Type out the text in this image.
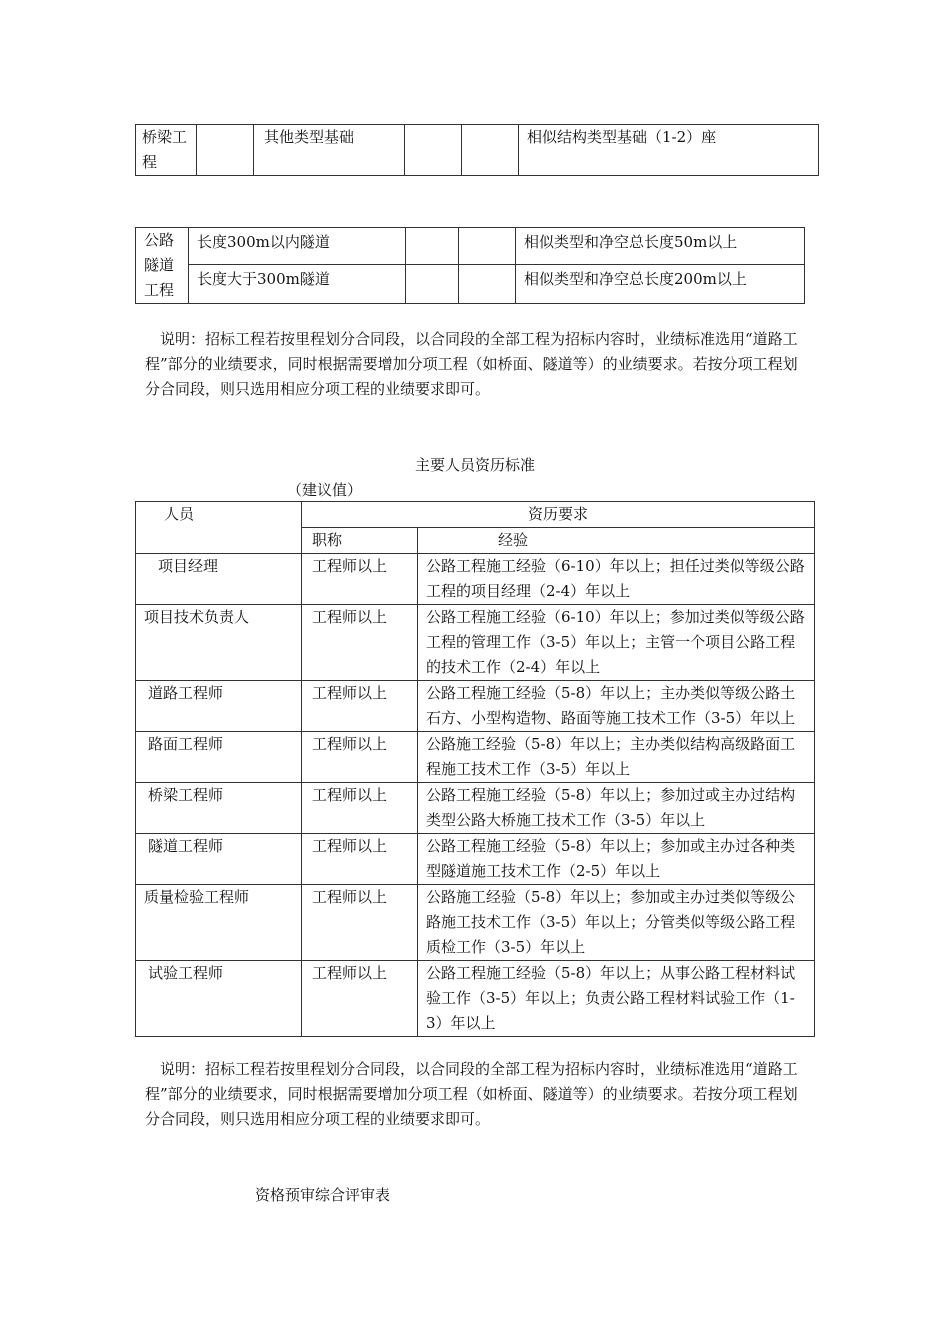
桥梁工程		其他类型基础			相似结构类型基础（1-2）座
公路隧道工程	长度300m以内隧道			相似类型和净空总长度50m以上
	长度大于300m隧道			相似类型和净空总长度200m以上

说明：招标工程若按里程划分合同段，以合同段的全部工程为招标内容时，业绩标准选用“道路工程”部分的业绩要求，同时根据需要增加分项工程（如桥面、隧道等）的业绩要求。若按分项工程划分合同段，则只选用相应分项工程的业绩要求即可。

主要人员资历标准

（建议值）

人员	资历要求	
	职称	经验
项目经理	工程师以上	公路工程施工经验（6-10）年以上；担任过类似等级公路工程的项目经理（2-4）年以上
项目技术负责人	工程师以上	公路工程施工经验（6-10）年以上；参加过类似等级公路工程的管理工作（3-5）年以上；主管一个项目公路工程的技术工作（2-4）年以上
道路工程师	工程师以上	公路工程施工经验（5-8）年以上；主办类似等级公路土石方、小型构造物、路面等施工技术工作（3-5）年以上
路面工程师	工程师以上	公路施工经验（5-8）年以上；主办类似结构高级路面工程施工技术工作（3-5）年以上
桥梁工程师	工程师以上	公路工程施工经验（5-8）年以上；参加过或主办过结构类型公路大桥施工技术工作（3-5）年以上
隧道工程师	工程师以上	公路工程施工经验（5-8）年以上；参加或主办过各种类型隧道施工技术工作（2-5）年以上
质量检验工程师	工程师以上	公路施工经验（5-8）年以上；参加或主办过类似等级公路施工技术工作（3-5）年以上；分管类似等级公路工程质检工作（3-5）年以上
试验工程师	工程师以上	公路工程施工经验（5-8）年以上；从事公路工程材料试验工作（3-5）年以上；负责公路工程材料试验工作（1-3）年以上

说明：招标工程若按里程划分合同段，以合同段的全部工程为招标内容时，业绩标准选用“道路工程”部分的业绩要求，同时根据需要增加分项工程（如桥面、隧道等）的业绩要求。若按分项工程划分合同段，则只选用相应分项工程的业绩要求即可。

资格预审综合评审表
